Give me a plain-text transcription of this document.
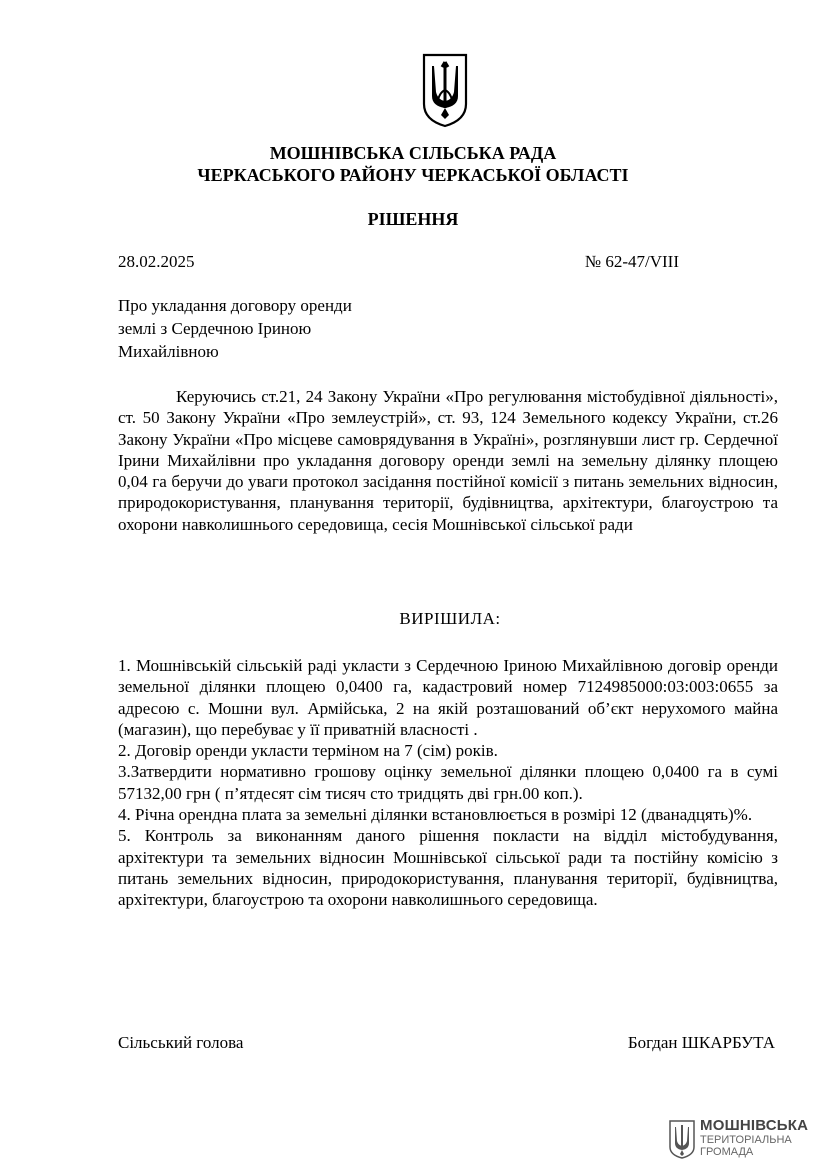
МОШНІВСЬКА СІЛЬСЬКА РАДА
ЧЕРКАСЬКОГО РАЙОНУ ЧЕРКАСЬКОЇ ОБЛАСТІ
РІШЕННЯ
28.02.2025	№ 62-47/VIII
Про укладання договору оренди
землі з Сердечною Іриною
Михайлівною
Керуючись ст.21, 24 Закону України «Про регулювання містобудівної діяльності», ст. 50 Закону України «Про землеустрій», ст. 93, 124 Земельного кодексу України, ст.26 Закону України «Про місцеве самоврядування в Україні», розглянувши лист гр. Сердечної Ірини Михайлівни про укладання договору оренди землі на земельну ділянку площею 0,04 га беручи до уваги протокол засідання постійної комісії з питань земельних відносин, природокористування, планування території, будівництва, архітектури, благоустрою та охорони навколишнього середовища, сесія Мошнівської сільської ради
ВИРІШИЛА:

1. Мошнівській сільській раді укласти з Сердечною Іриною Михайлівною договір оренди земельної ділянки площею 0,0400 га, кадастровий номер 7124985000:03:003:0655 за адресою с. Мошни вул. Армійська, 2 на якій розташований об’єкт нерухомого майна (магазин), що перебуває у її приватній власності .

2. Договір оренди укласти терміном на 7 (сім) років.

3.Затвердити нормативно грошову оцінку земельної ділянки площею 0,0400 га в сумі 57132,00 грн ( п’ятдесят сім тисяч сто тридцять дві грн.00 коп.).

4. Річна орендна плата за земельні ділянки встановлюється в розмірі 12 (дванадцять)%.

5. Контроль за виконанням даного рішення покласти на відділ містобудування, архітектури та земельних відносин Мошнівської сільської ради та постійну комісію з питань земельних відносин, природокористування, планування території, будівництва, архітектури, благоустрою та охорони навколишнього середовища.

Сільський голова	Богдан ШКАРБУТА
МОШНІВСЬКА
ТЕРИТОРІАЛЬНА
ГРОМАДА
